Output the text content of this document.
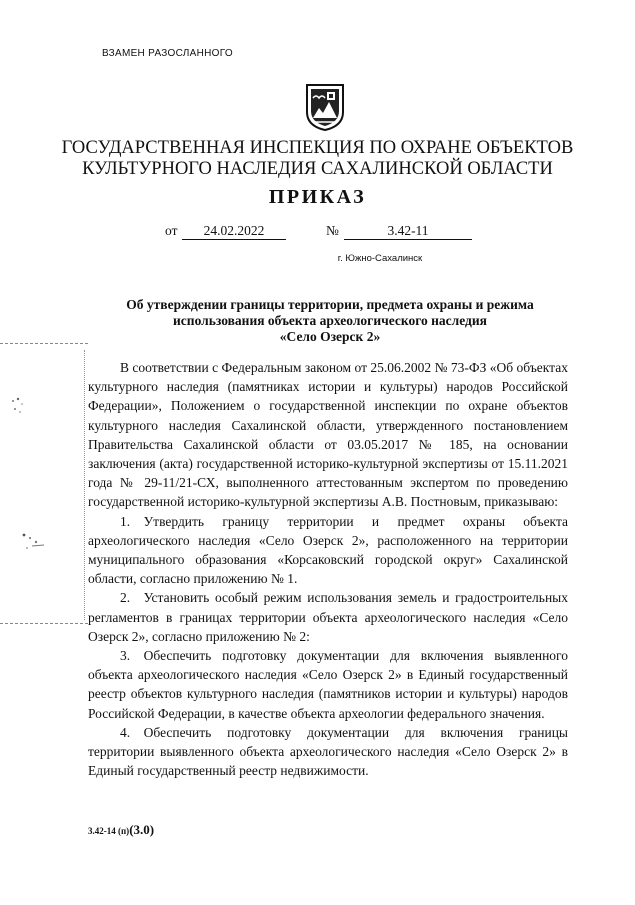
ВЗАМЕН РАЗОСЛАННОГО
ГОСУДАРСТВЕННАЯ ИНСПЕКЦИЯ ПО ОХРАНЕ ОБЪЕКТОВ
КУЛЬТУРНОГО НАСЛЕДИЯ САХАЛИНСКОЙ ОБЛАСТИ
ПРИКАЗ
от	24.02.2022	№	3.42-11
г. Южно-Сахалинск
Об утверждении границы территории, предмета охраны и режима
использования объекта археологического наследия
«Село Озерск 2»

В соответствии с Федеральным законом от 25.06.2002 № 73-ФЗ «Об объектах культурного наследия (памятниках истории и культуры) народов Российской Федерации», Положением о государственной инспекции по охране объектов культурного наследия Сахалинской области, утвержденного постановлением Правительства Сахалинской области от 03.05.2017 № 185, на основании заключения (акта) государственной историко-культурной экспертизы от 15.11.2021 года № 29-11/21-СХ, выполненного аттестованным экспертом по проведению государственной историко-культурной экспертизы А.В. Постновым, приказываю:

1. Утвердить границу территории и предмет охраны объекта археологического наследия «Село Озерск 2», расположенного на территории муниципального образования «Корсаковский городской округ» Сахалинской области, согласно приложению № 1.

2. Установить особый режим использования земель и градостроительных регламентов в границах территории объекта археологического наследия «Село Озерск 2», согласно приложению № 2:

3. Обеспечить подготовку документации для включения выявленного объекта археологического наследия «Село Озерск 2» в Единый государственный реестр объектов культурного наследия (памятников истории и культуры) народов Российской Федерации, в качестве объекта археологии федерального значения.

4. Обеспечить подготовку документации для включения границы территории выявленного объекта археологического наследия «Село Озерск 2» в Единый государственный реестр недвижимости.

3.42-14 (п)(3.0)
